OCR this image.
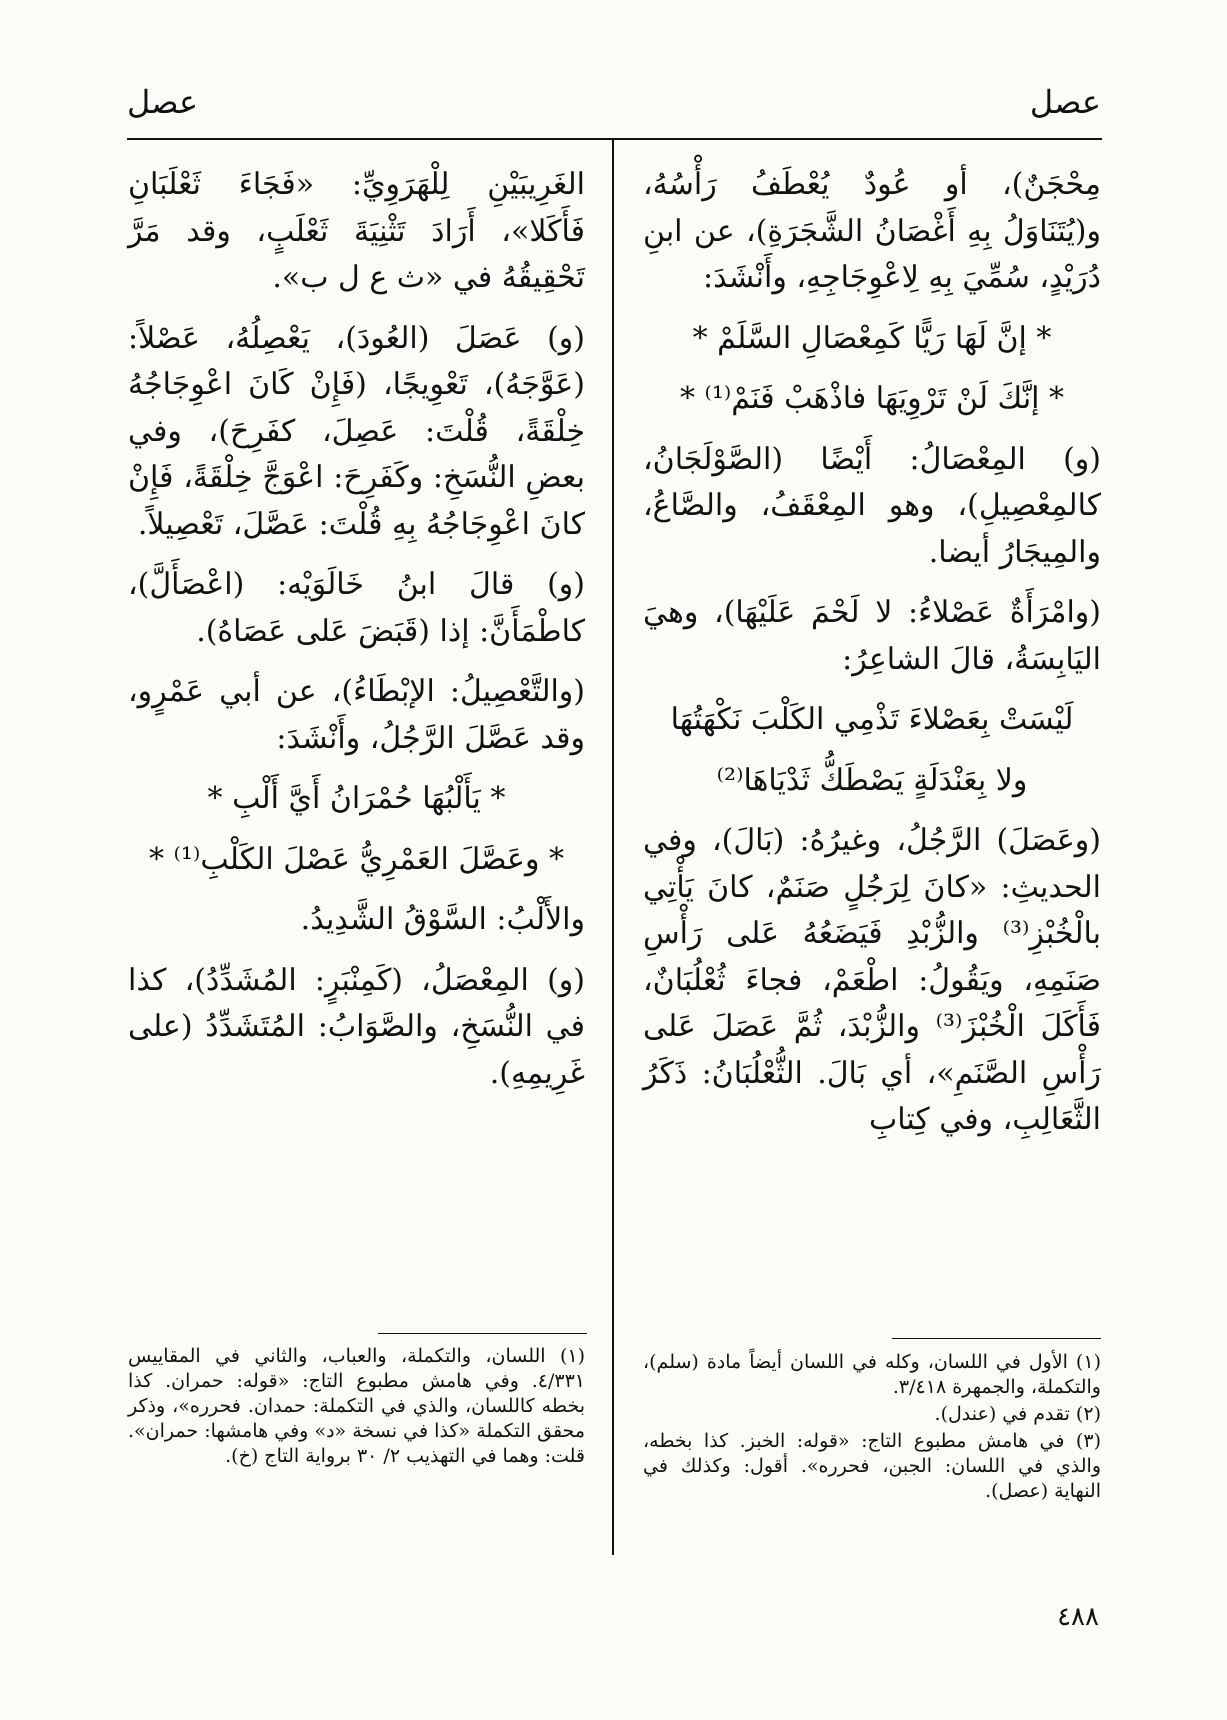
عصل
عصل

مِحْجَنٌ)، أو عُودٌ يُعْطَفُ رَأْسُهُ، و(يُتَنَاوَلُ بِهِ أَغْصَانُ الشَّجَرَةِ)، عن ابنِ دُرَيْدٍ، سُمِّيَ بِهِ لِاعْوِجَاجِهِ، وأَنْشَدَ:

* إنَّ لَهَا رَيًّا كَمِعْصَالِ السَّلَمْ *

* إنَّكَ لَنْ تَرْوِيَهَا فاذْهَبْ فَنَمْ⁽¹⁾ *

(و) المِعْصَالُ: أَيْضًا (الصَّوْلَجَانُ، كالمِعْصِيلِ)، وهو المِعْقَفُ، والصَّاعُ، والمِيجَارُ أيضا.

(وامْرَأَةٌ عَصْلاءُ: لا لَحْمَ عَلَيْهَا)، وهيَ اليَابِسَةُ، قالَ الشاعِرُ:

لَيْسَتْ بِعَصْلاءَ تَذْمِي الكَلْبَ نَكْهَتُهَا

ولا بِعَنْدَلَةٍ يَصْطَكُّ ثَدْيَاهَا⁽²⁾

(وعَصَلَ) الرَّجُلُ، وغيرُهُ: (بَالَ)، وفي الحديثِ: «كانَ لِرَجُلٍ صَنَمٌ، كانَ يَأْتِي بالْخُبْزِ⁽³⁾ والزُّبْدِ فَيَضَعُهُ عَلى رَأْسِ صَنَمِهِ، ويَقُولُ: اطْعَمْ، فجاءَ ثُعْلُبَانٌ، فَأَكَلَ الْخُبْزَ⁽³⁾ والزُّبْدَ، ثُمَّ عَصَلَ عَلى رَأْسِ الصَّنَمِ»، أي بَالَ. الثُّعْلُبَانُ: ذَكَرُ الثَّعَالِبِ، وفي كِتابِ

الغَرِيبَيْنِ لِلْهَرَوِيِّ: «فَجَاءَ ثَعْلَبَانِ فَأَكَلا»، أَرَادَ تَثْنِيَةَ ثَعْلَبٍ، وقد مَرَّ تَحْقِيقُهُ في «ث ع ل ب».

(و) عَصَلَ (العُودَ)، يَعْصِلُهُ، عَصْلاً: (عَوَّجَهُ)، تَعْوِيجًا، (فَإِنْ كَانَ اعْوِجَاجُهُ خِلْقَةً، قُلْتَ: عَصِلَ، كفَرِحَ)، وفي بعضِ النُّسَخِ: وكَفَرِحَ: اعْوَجَّ خِلْقَةً، فَإِنْ كانَ اعْوِجَاجُهُ بِهِ قُلْتَ: عَصَّلَ، تَعْصِيلاً.

(و) قالَ ابنُ خَالَوَيْه: (اعْصَأَلَّ)، كاطْمَأَنَّ: إذا (قَبَضَ عَلى عَصَاهُ).

(والتَّعْصِيلُ: الإبْطَاءُ)، عن أبي عَمْرٍو، وقد عَصَّلَ الرَّجُلُ، وأَنْشَدَ:

* يَأَلْبُهَا حُمْرَانُ أَيَّ أَلْبِ *

* وعَصَّلَ العَمْرِيُّ عَصْلَ الكَلْبِ⁽¹⁾ *

والأَلْبُ: السَّوْقُ الشَّدِيدُ.

(و) المِعْصَلُ، (كَمِنْبَرٍ: المُشَدِّدُ)، كذا في النُّسَخِ، والصَّوَابُ: المُتَشَدِّدُ (على غَرِيمِهِ).

(١) الأول في اللسان، وكله في اللسان أيضاً مادة (سلم)، والتكملة، والجمهرة ٣/٤١٨.

(٢) تقدم في (عندل).

(٣) في هامش مطبوع التاج: «قوله: الخبز. كذا بخطه، والذي في اللسان: الجبن، فحرره». أقول: وكذلك في النهاية (عصل).

(١) اللسان، والتكملة، والعباب، والثاني في المقاييس ٤/٣٣١. وفي هامش مطبوع التاج: «قوله: حمران. كذا بخطه كاللسان، والذي في التكملة: حمدان. فحرره»، وذكر محقق التكملة «كذا في نسخة «د» وفي هامشها: حمران». قلت: وهما في التهذيب ٢/ ٣٠ برواية التاج (خ).

٤٨٨
